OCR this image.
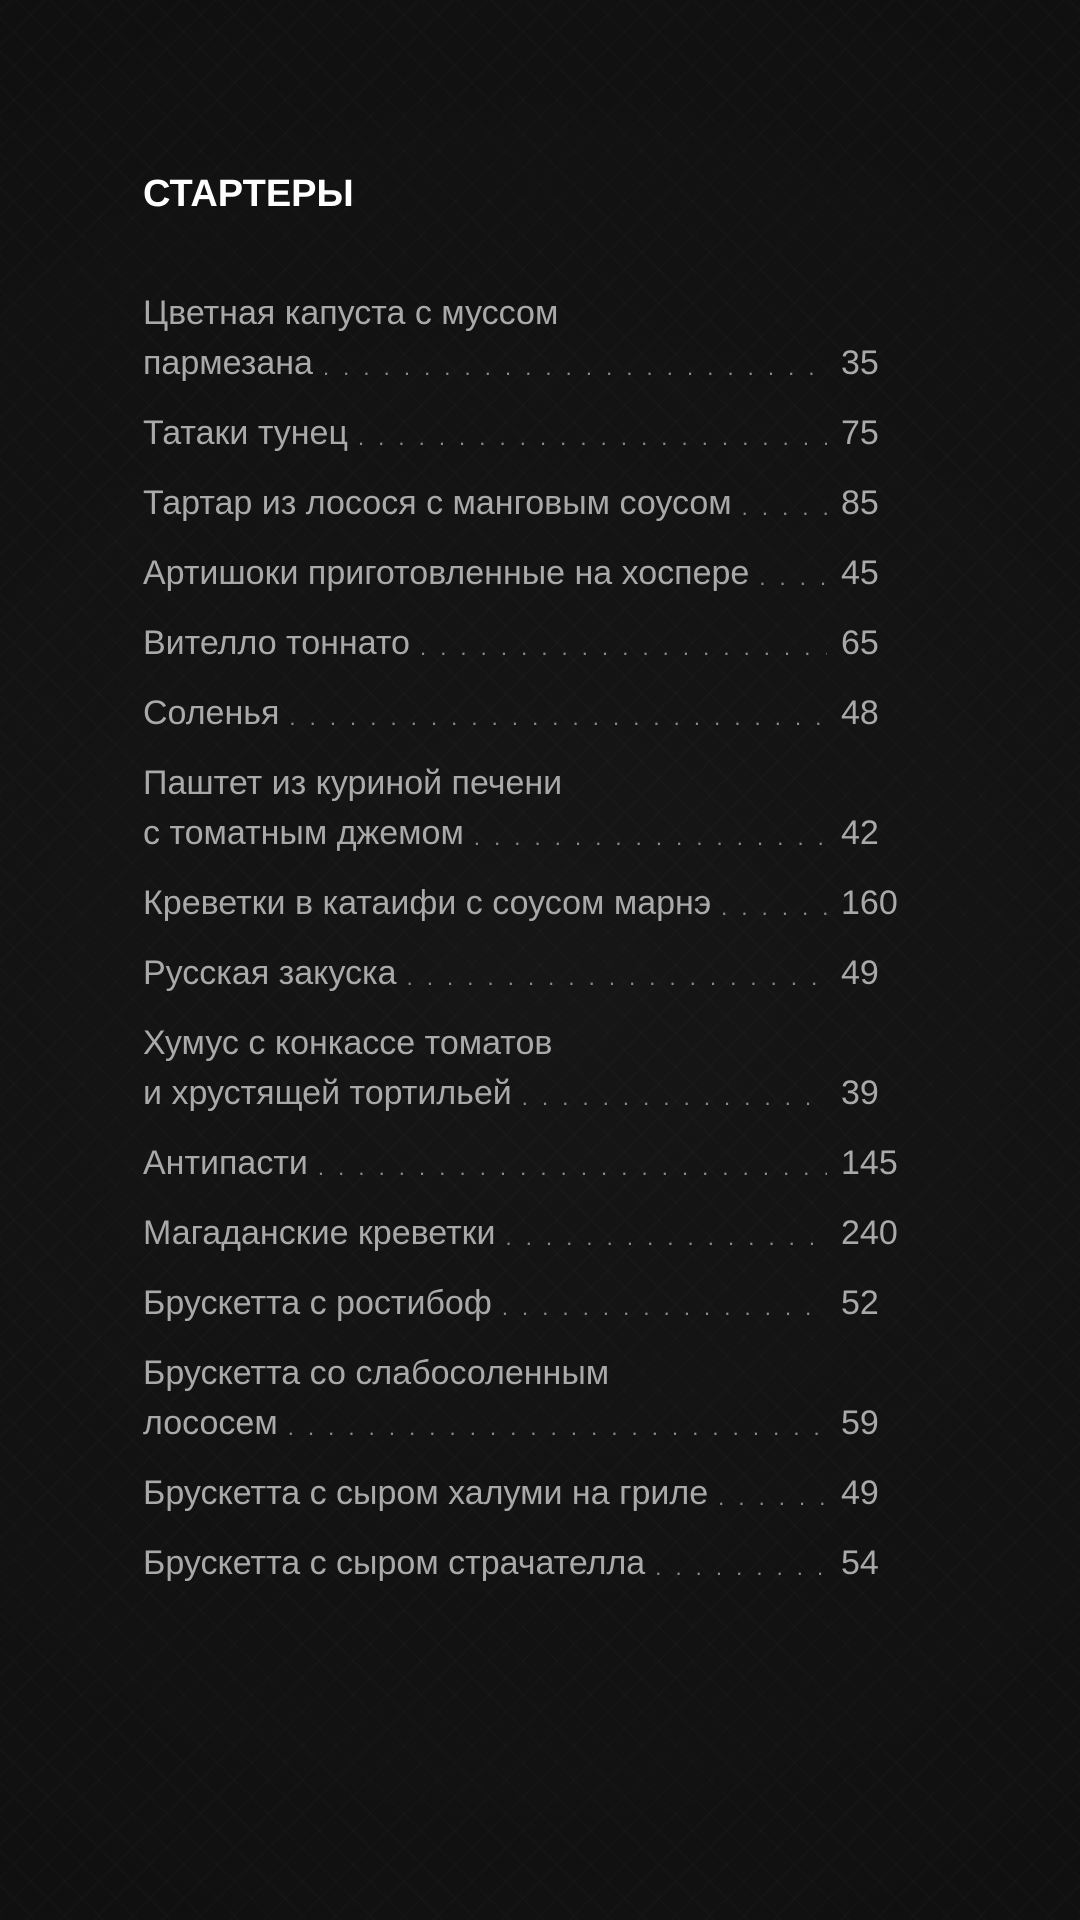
СТАРТЕРЫ
Цветная капуста с муссом
пармезана . . .	35
Татаки тунец . . .	75
Тартар из лосося с манговым соусом . . .	85
Артишоки приготовленные на хоспере . . .	45
Вителло тоннато . . .	65
Соленья . . .	48
Паштет из куриной печени
с томатным джемом . . .	42
Креветки в катаифи с соусом марнэ . . .	160
Русская закуска . . .	49
Хумус с конкассе томатов
и хрустящей тортильей . . .	39
Антипасти . . .	145
Магаданские креветки . . .	240
Брускетта с ростибоф . . .	52
Брускетта со слабосоленным
лососем . . .	59
Брускетта с сыром халуми на гриле . . .	49
Брускетта с сыром страчателла . . .	54
